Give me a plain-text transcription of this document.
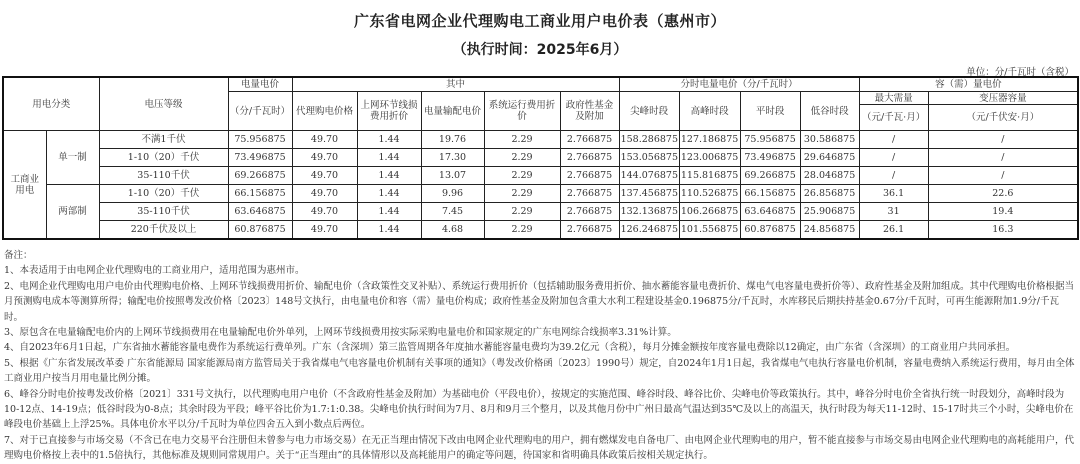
广东省电网企业代理购电工商业用户电价表（惠州市）
（执行时间：2025年6月）
单位：分/千瓦时（含税）
用电分类		电压等级	电量电价	其中					分时电量电价（分/千瓦时）				容（需）量电价	
			（分/千瓦时）	代理购电价格	上网环节线损费用折价	电量输配电价	系统运行费用折价	政府性基金及附加	尖峰时段	高峰时段	平时段	低谷时段	最大需量	变压器容量
													（元/千瓦·月）	（元/千伏安·月）
工商业用电	单一制	不满1千伏	75.956875	49.70	1.44	19.76	2.29	2.766875	158.286875	127.186875	75.956875	30.586875	/	/
		1-10（20）千伏	73.496875	49.70	1.44	17.30	2.29	2.766875	153.056875	123.006875	73.496875	29.646875	/	/
		35-110千伏	69.266875	49.70	1.44	13.07	2.29	2.766875	144.076875	115.816875	69.266875	28.046875	/	/
	两部制	1-10（20）千伏	66.156875	49.70	1.44	9.96	2.29	2.766875	137.456875	110.526875	66.156875	26.856875	36.1	22.6
		35-110千伏	63.646875	49.70	1.44	7.45	2.29	2.766875	132.136875	106.266875	63.646875	25.906875	31	19.4
		220千伏及以上	60.876875	49.70	1.44	4.68	2.29	2.766875	126.246875	101.556875	60.876875	24.856875	26.1	16.3

备注：

1、本表适用于由电网企业代理购电的工商业用户，适用范围为惠州市。

2、电网企业代理购电用户电价由代理购电价格、上网环节线损费用折价、输配电价（含政策性交叉补贴）、系统运行费用折价（包括辅助服务费用折价、抽水蓄能容量电费折价、煤电气电容量电费折价等）、政府性基金及附加组成。其中代理购电价格根据当月预测购电成本等测算所得；输配电价按照粤发改价格〔2023〕148号文执行，由电量电价和容（需）量电价构成；政府性基金及附加包含重大水利工程建设基金0.196875分/千瓦时，水库移民后期扶持基金0.67分/千瓦时，可再生能源附加1.9分/千瓦时。

3、原包含在电量输配电价内的上网环节线损费用在电量输配电价外单列，上网环节线损费用按实际采购电量电价和国家规定的广东电网综合线损率3.31%计算。

4、自2023年6月1日起，广东省抽水蓄能容量电费作为系统运行费单列。广东（含深圳）第三监管周期各年度抽水蓄能容量电费均为39.2亿元（含税），每月分摊金额按年度容量电费除以12确定，由广东省（含深圳）的工商业用户共同承担。

5、根据《广东省发展改革委 广东省能源局 国家能源局南方监管局关于我省煤电气电容量电价机制有关事项的通知》（粤发改价格函〔2023〕1990号）规定，自2024年1月1日起，我省煤电气电执行容量电价机制，容量电费纳入系统运行费用，每月由全体工商业用户按当月用电量比例分摊。

6、峰谷分时电价按粤发改价格〔2021〕331号文执行，以代理购电用户电价（不含政府性基金及附加）为基础电价（平段电价），按规定的实施范围、峰谷时段、峰谷比价、尖峰电价等政策执行。其中，峰谷分时电价全省执行统一时段划分，高峰时段为10-12点、14-19点；低谷时段为0-8点；其余时段为平段；峰平谷比价为1.7:1:0.38。尖峰电价执行时间为7月、8月和9月三个整月，以及其他月份中广州日最高气温达到35℃及以上的高温天，执行时段为每天11-12时、15-17时共三个小时，尖峰电价在峰段电价基础上上浮25%。具体电价水平以分/千瓦时为单位四舍五入到小数点后两位。

7、对于已直接参与市场交易（不含已在电力交易平台注册但未曾参与电力市场交易）在无正当理由情况下改由电网企业代理购电的用户，拥有燃煤发电自备电厂、由电网企业代理购电的用户，暂不能直接参与市场交易由电网企业代理购电的高耗能用户，代理购电价格按上表中的1.5倍执行，其他标准及规则同常规用户。关于“正当理由”的具体情形以及高耗能用户的确定等问题，待国家和省明确具体政策后按相关规定执行。
